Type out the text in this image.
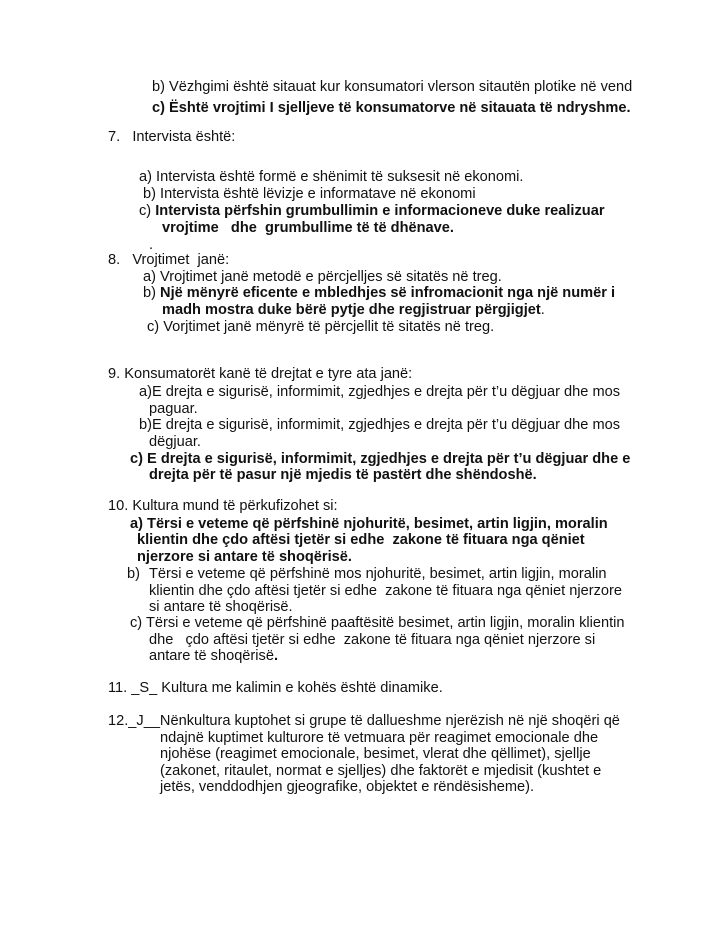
b) Vëzhgimi është sitauat kur konsumatori vlerson sitautën plotike në vend
c) Është vrojtimi I sjelljeve të konsumatorve në sitauata të ndryshme.
7.   Intervista është:
a) Intervista është formë e shënimit të suksesit në ekonomi.
b) Intervista është lëvizje e informatave në ekonomi
c) Intervista përfshin grumbullimin e informacioneve duke realizuar
vrojtime   dhe  grumbullime të të dhënave.
.
8.   Vrojtimet  janë:
a) Vrojtimet janë metodë e përcjelljes së sitatës në treg.
b) Një mënyrë eficente e mbledhjes së infromacionit nga një numër i
madh mostra duke bërë pytje dhe regjistruar përgjigjet.
c) Vorjtimet janë mënyrë të përcjellit të sitatës në treg.
9. Konsumatorët kanë të drejtat e tyre ata janë:
a)E drejta e sigurisë, informimit, zgjedhjes e drejta për t’u dëgjuar dhe mos
paguar.
b)E drejta e sigurisë, informimit, zgjedhjes e drejta për t’u dëgjuar dhe mos
dëgjuar.
c) E drejta e sigurisë, informimit, zgjedhjes e drejta për t’u dëgjuar dhe e
drejta për të pasur një mjedis të pastërt dhe shëndoshë.
10. Kultura mund të përkufizohet si:
a) Tërsi e veteme që përfshinë njohuritë, besimet, artin ligjin, moralin
klientin dhe çdo aftësi tjetër si edhe  zakone të fituara nga qëniet
njerzore si antare të shoqërisë.
b) Tërsi e veteme që përfshinë mos njohuritë, besimet, artin ligjin, moralin
klientin dhe çdo aftësi tjetër si edhe  zakone të fituara nga qëniet njerzore
si antare të shoqërisë.
c) Tërsi e veteme që përfshinë paaftësitë besimet, artin ligjin, moralin klientin
dhe   çdo aftësi tjetër si edhe  zakone të fituara nga qëniet njerzore si
antare të shoqërisë.
11. _S_ Kultura me kalimin e kohës është dinamike.
12._J__Nënkultura kuptohet si grupe të dallueshme njerëzish në një shoqëri që
ndajnë kuptimet kulturore të vetmuara për reagimet emocionale dhe
njohëse (reagimet emocionale, besimet, vlerat dhe qëllimet), sjellje
(zakonet, ritaulet, normat e sjelljes) dhe faktorët e mjedisit (kushtet e
jetës, venddodhjen gjeografike, objektet e rëndësisheme).
